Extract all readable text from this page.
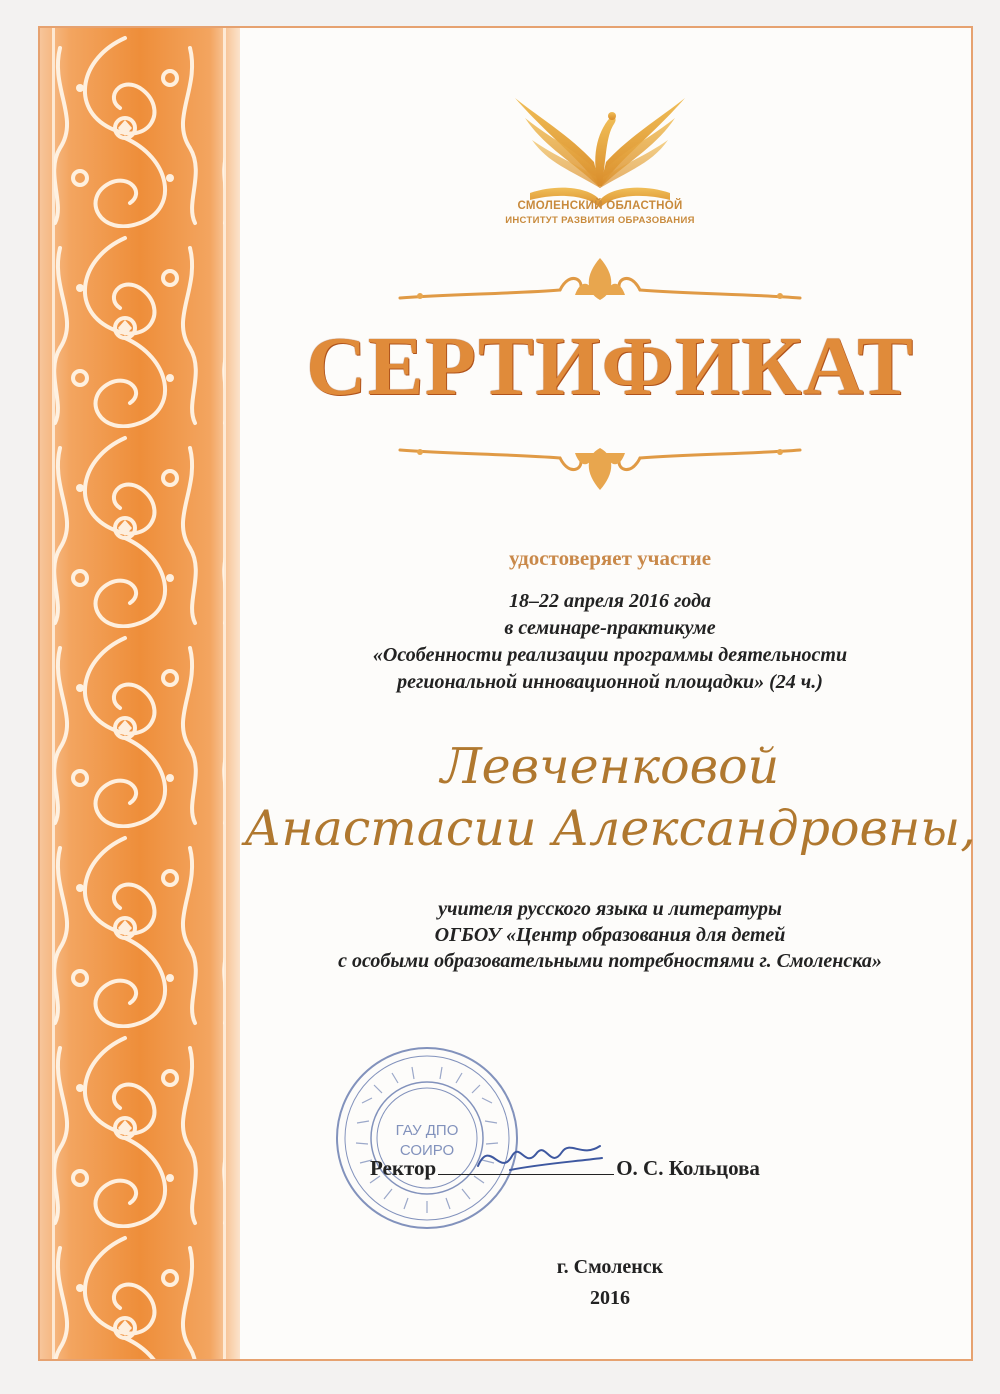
СМОЛЕНСКИЙ ОБЛАСТНОЙ
ИНСТИТУТ РАЗВИТИЯ ОБРАЗОВАНИЯ
СЕРТИФИКАТ
удостоверяет участие
18–22 апреля 2016 года
в семинаре-практикуме
«Особенности реализации программы деятельности
региональной инновационной площадки» (24 ч.)
Левченковой
Анастасии Александровны,
учителя русского языка и литературы
ОГБОУ «Центр образования для детей
с особыми образовательными потребностями г. Смоленска»
ГАУ ДПО
СОИРО
Ректор	О. С. Кольцова
г. Смоленск
2016
